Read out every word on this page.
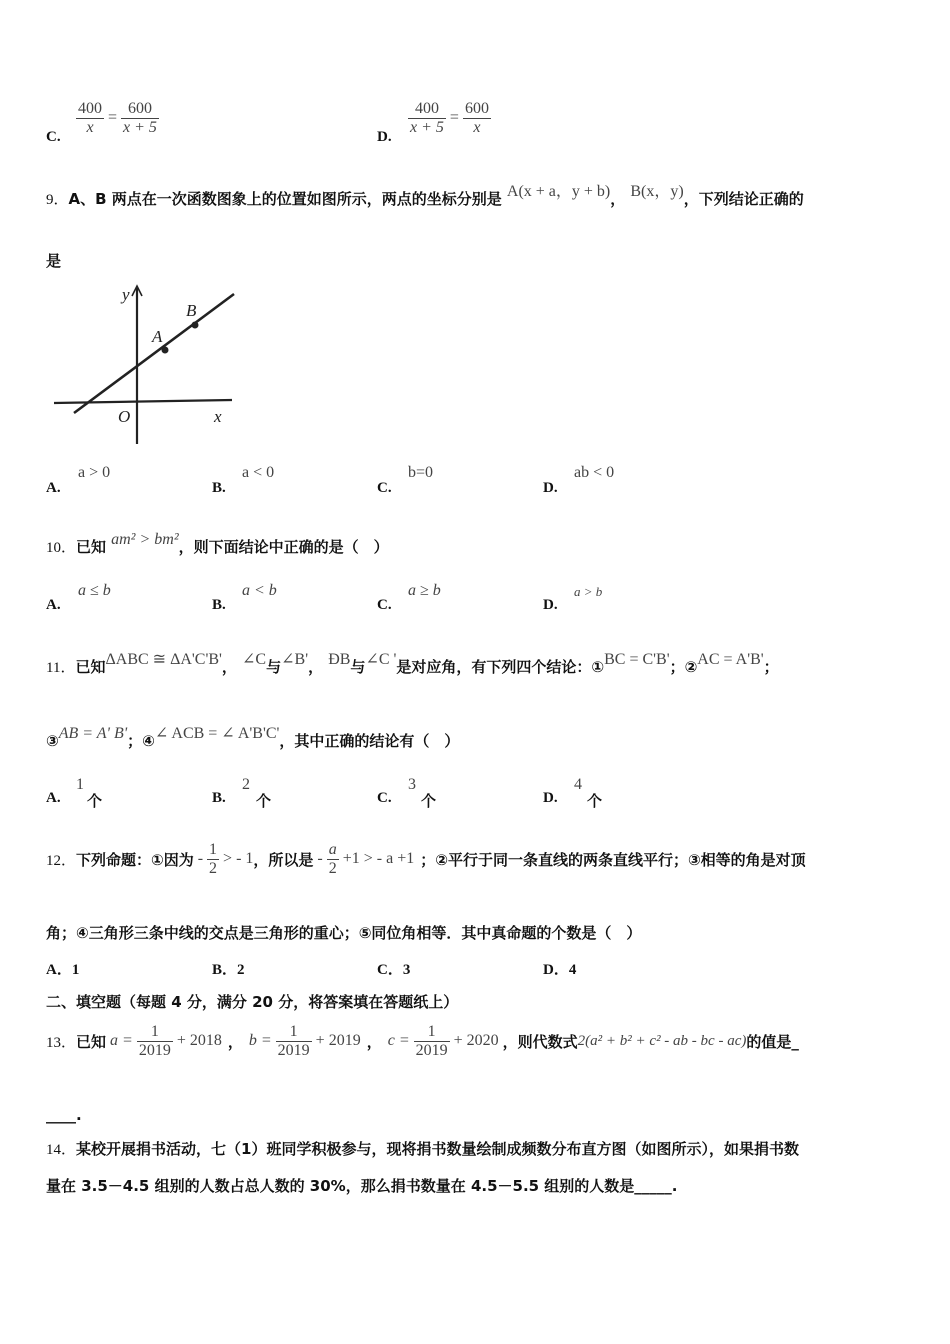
C. $\frac{400}{x} = \frac{600}{x + 5}$	D. $\frac{400}{x + 5} = \frac{600}{x}$
9．A、B 两点在一次函数图象上的位置如图所示，两点的坐标分别是 A(x + a，y + b)， B(x，y)，下列结论正确的
是
y
x
O
A
B
A.
a > 0
B.
a < 0
C.
b=0
D.
ab < 0
10．已知 am² > bm²，则下面结论中正确的是（　）
A.
a ≤ b
B.
a < b
C.
a ≥ b
D.
a > b
11．已知ΔABC ≅ ΔA'C'B'， ∠C与∠B'， ÐB与∠C '是对应角，有下列四个结论：①BC = C'B'；②AC = A'B'；
③AB = A' B'；④∠ ACB = ∠ A'B'C'，其中正确的结论有（　）
A.
1
个	B.
2
个	C.
3
个	D.
4
个
12． 下列命题：①因为 - $\frac{1}{2}$ > - 1 ，所以是 - $\frac{a}{2} +1$ > - a +1 ；②平行于同一条直线的两条直线平行；③相等的角是对顶
角；④三角形三条中线的交点是三角形的重心；⑤同位角相等．其中真命题的个数是（　）
A．1	B．2	C．3	D．4
二、填空题（每题 4 分，满分 20 分，将答案填在答题纸上）
13． 已知 $a = \frac{1}{2019} + 2018$ ， $b = \frac{1}{2019} + 2019$ ， $c = \frac{1}{2019} + 2020$ ，则代数式 2(a² + b² + c² - ab - bc - ac) 的值是_
____.
14．某校开展捐书活动，七（1）班同学积极参与，现将捐书数量绘制成频数分布直方图（如图所示），如果捐书数
量在 3.5－4.5 组别的人数占总人数的 30%，那么捐书数量在 4.5－5.5 组别的人数是_____.
